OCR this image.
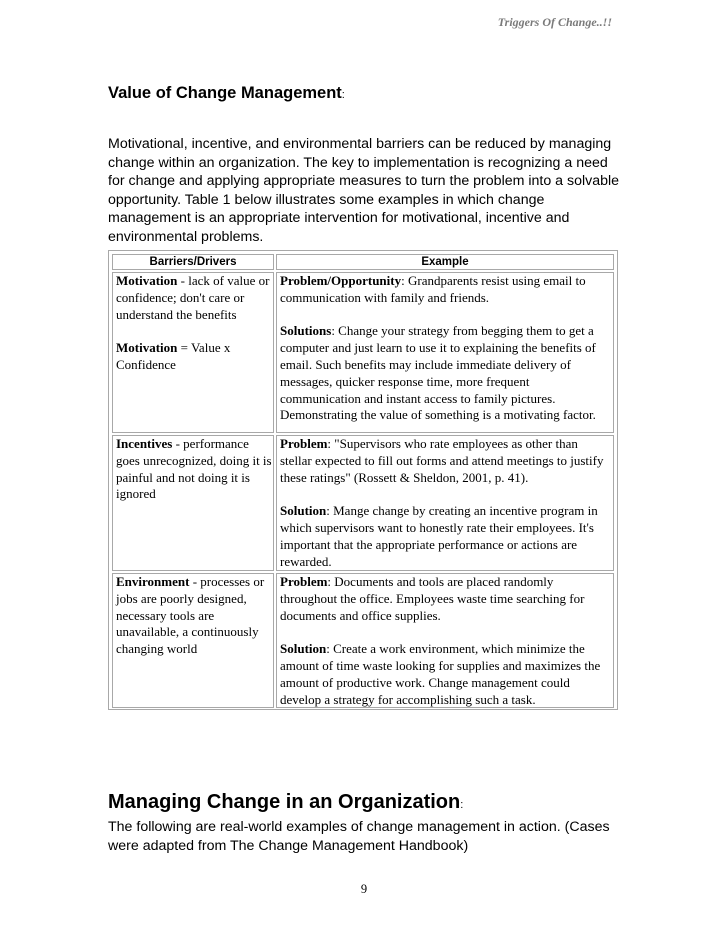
Triggers Of Change..!!
Value of Change Management:
Motivational, incentive, and environmental barriers can be reduced by managing change within an organization. The key to implementation is recognizing a need for change and applying appropriate measures to turn the problem into a solvable opportunity. Table 1 below illustrates some examples in which change management is an appropriate intervention for motivational, incentive and environmental problems.
Barriers/Drivers	Example

Motivation - lack of value or confidence; don't care or understand the benefits

Motivation = Value x Confidence

Problem/Opportunity: Grandparents resist using email to communication with family and friends.

Solutions: Change your strategy from begging them to get a computer and just learn to use it to explaining the benefits of email. Such benefits may include immediate delivery of messages, quicker response time, more frequent communication and instant access to family pictures. Demonstrating the value of something is a motivating factor.

Incentives - performance goes unrecognized, doing it is painful and not doing it is ignored

Problem: "Supervisors who rate employees as other than stellar expected to fill out forms and attend meetings to justify these ratings" (Rossett & Sheldon, 2001, p. 41).

Solution: Mange change by creating an incentive program in which supervisors want to honestly rate their employees. It's important that the appropriate performance or actions are rewarded.

Environment - processes or jobs are poorly designed, necessary tools are unavailable, a continuously changing world

Problem: Documents and tools are placed randomly throughout the office. Employees waste time searching for documents and office supplies.

Solution: Create a work environment, which minimize the amount of time waste looking for supplies and maximizes the amount of productive work. Change management could develop a strategy for accomplishing such a task.

Managing Change in an Organization:
The following are real-world examples of change management in action. (Cases were adapted from The Change Management Handbook)
9
